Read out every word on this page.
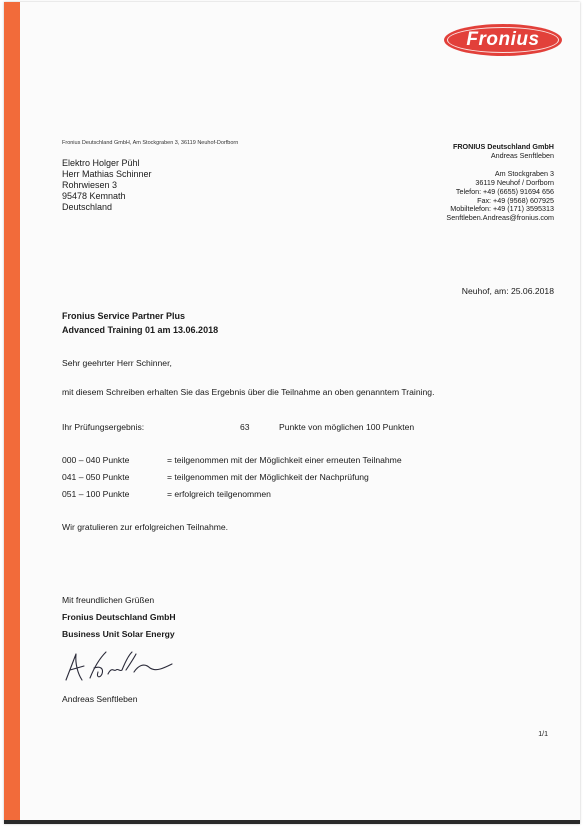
Fronius
Fronius Deutschland GmbH, Am Stockgraben 3, 36119 Neuhof-Dorfborn
Elektro Holger Pühl
Herr Mathias Schinner
Rohrwiesen 3
95478 Kemnath
Deutschland
FRONIUS Deutschland GmbH
Andreas Senftleben
Am Stockgraben 3
36119 Neuhof / Dorfborn
Telefon: +49 (6655) 91694 656
Fax: +49 (9568) 607925
Mobiltelefon: +49 (171) 3595313
Senftleben.Andreas@fronius.com
Neuhof, am: 25.06.2018
Fronius Service Partner Plus
Advanced Training 01 am 13.06.2018
Sehr geehrter Herr Schinner,
mit diesem Schreiben erhalten Sie das Ergebnis über die Teilnahme an oben genanntem Training.
Ihr Prüfungsergebnis:	63	Punkte von möglichen 100 Punkten
000 – 040 Punkte	= teilgenommen mit der Möglichkeit einer erneuten Teilnahme
041 – 050 Punkte	= teilgenommen mit der Möglichkeit der Nachprüfung
051 – 100 Punkte	= erfolgreich teilgenommen
Wir gratulieren zur erfolgreichen Teilnahme.
Mit freundlichen Grüßen
Fronius Deutschland GmbH
Business Unit Solar Energy
Andreas Senftleben
1/1
